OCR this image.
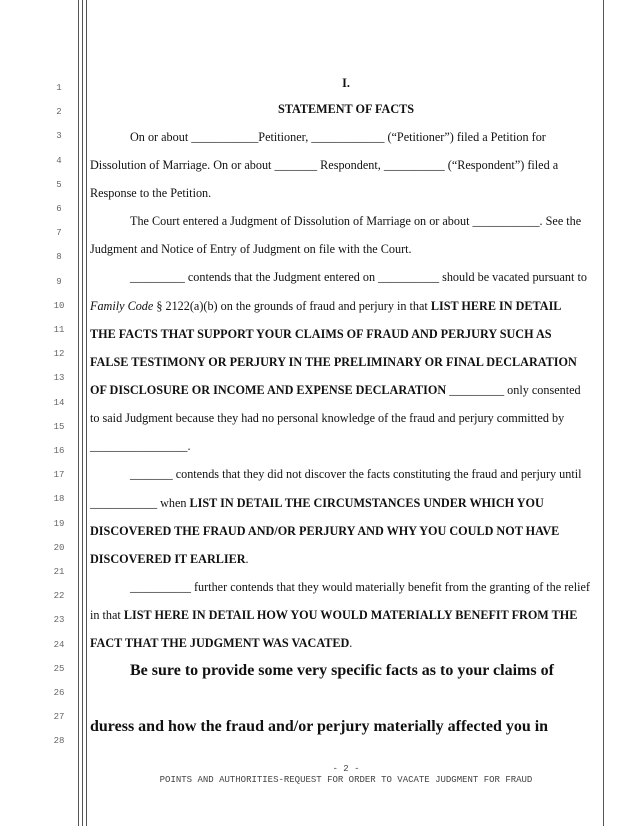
1
2
3
4
5
6
7
8
9
10
11
12
13
14
15
16
17
18
19
20
21
22
23
24
25
26
27
28
I.
STATEMENT OF FACTS
On or about ___________Petitioner, ____________ (“Petitioner”) filed a Petition for
Dissolution of Marriage. On or about _______ Respondent, __________ (“Respondent”) filed a
Response to the Petition.
The Court entered a Judgment of Dissolution of Marriage on or about ___________. See the
Judgment and Notice of Entry of Judgment on file with the Court.
_________ contends that the Judgment entered on __________ should be vacated pursuant to
Family Code § 2122(a)(b) on the grounds of fraud and perjury in that LIST HERE IN DETAIL
THE FACTS THAT SUPPORT YOUR CLAIMS OF FRAUD AND PERJURY SUCH AS
FALSE TESTIMONY OR PERJURY IN THE PRELIMINARY OR FINAL DECLARATION
OF DISCLOSURE OR INCOME AND EXPENSE DECLARATION _________ only consented
to said Judgment because they had no personal knowledge of the fraud and perjury committed by
________________.
_______ contends that they did not discover the facts constituting the fraud and perjury until
___________ when LIST IN DETAIL THE CIRCUMSTANCES UNDER WHICH YOU
DISCOVERED THE FRAUD AND/OR PERJURY AND WHY YOU COULD NOT HAVE
DISCOVERED IT EARLIER.
__________ further contends that they would materially benefit from the granting of the relief
in that LIST HERE IN DETAIL HOW YOU WOULD MATERIALLY BENEFIT FROM THE
FACT THAT THE JUDGMENT WAS VACATED.
Be sure to provide some very specific facts as to your claims of
duress and how the fraud and/or perjury materially affected you in
- 2 -
POINTS AND AUTHORITIES-REQUEST FOR ORDER TO VACATE JUDGMENT FOR FRAUD
